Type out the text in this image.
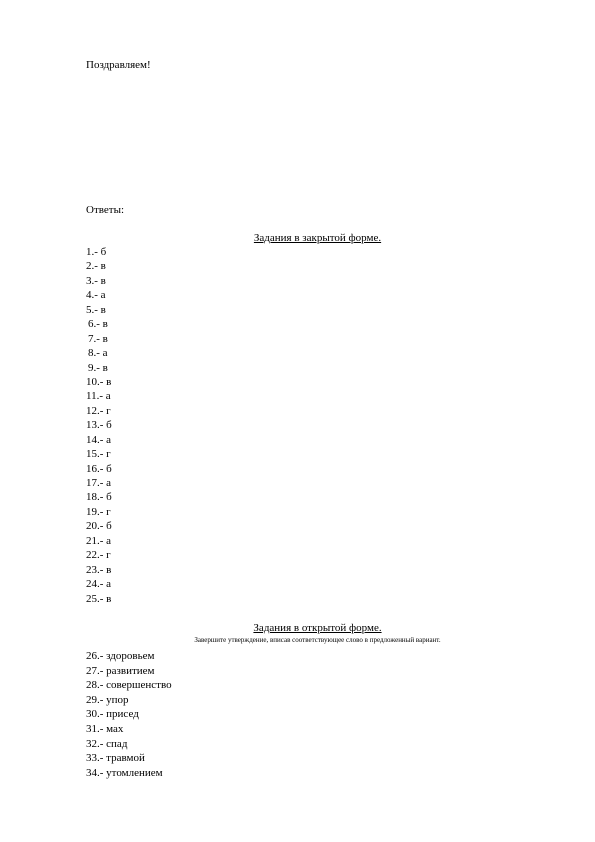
Поздравляем!
Ответы:
Задания в закрытой форме.
1.- б
2.- в
3.- в
4.- а
5.- в
6.- в
7.- в
8.- а
9.- в
10.- в
11.- а
12.- г
13.- б
14.- а
15.- г
16.- б
17.- а
18.- б
19.- г
20.- б
21.- а
22.- г
23.- в
24.- а
25.- в
Задания в открытой форме.
Завершите утверждение, вписав соответствующее слово в предложенный вариант.
26.- здоровьем
27.- развитием
28.- совершенство
29.- упор
30.- присед
31.- мах
32.- спад
33.- травмой
34.- утомлением
